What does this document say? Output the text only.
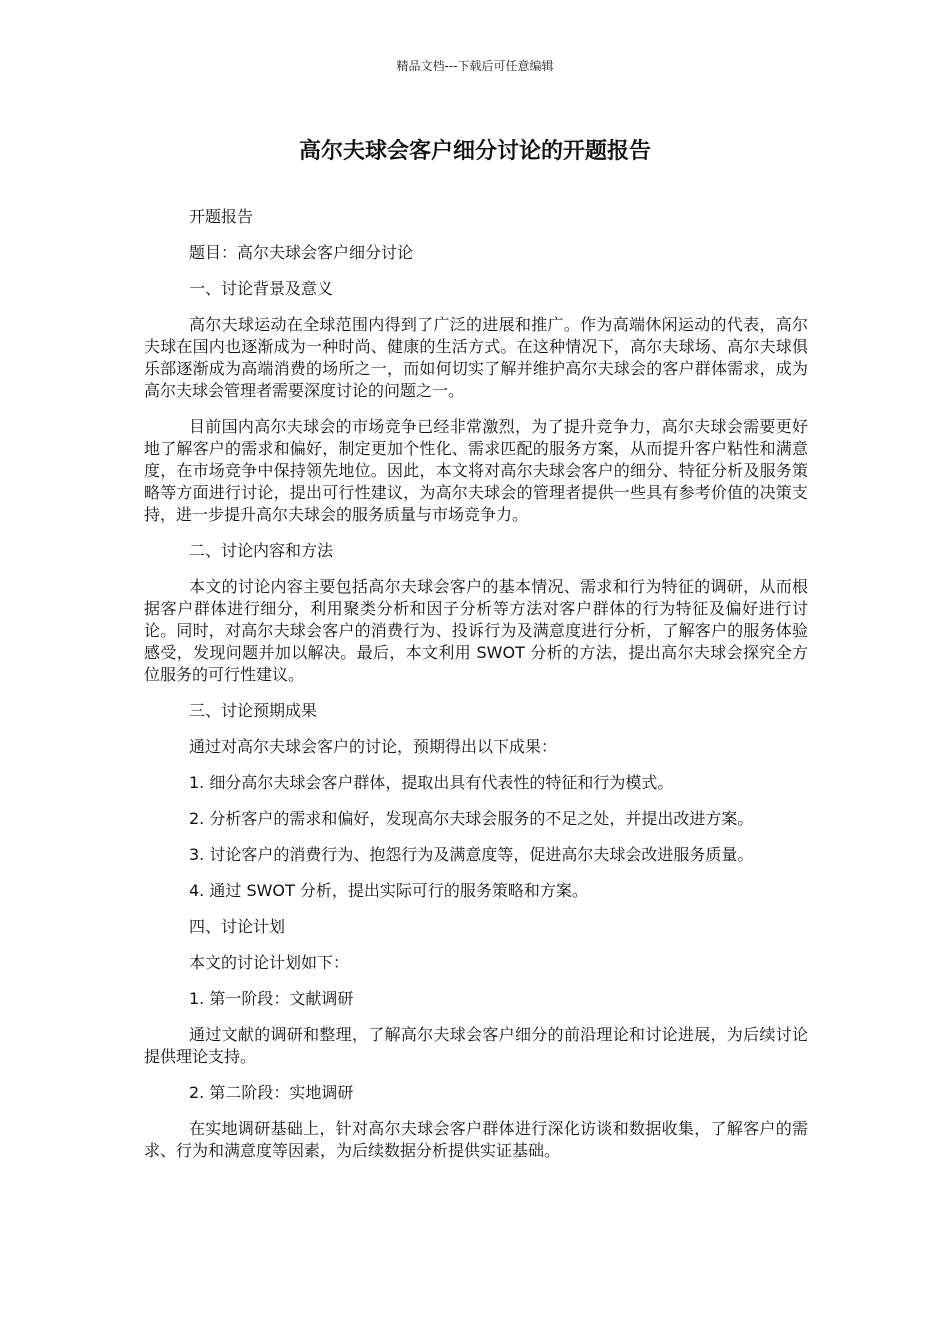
精品文档---下载后可任意编辑
高尔夫球会客户细分讨论的开题报告

开题报告

题目：高尔夫球会客户细分讨论

一、讨论背景及意义

高尔夫球运动在全球范围内得到了广泛的进展和推广。作为高端休闲运动的代表，高尔夫球在国内也逐渐成为一种时尚、健康的生活方式。在这种情况下，高尔夫球场、高尔夫球俱乐部逐渐成为高端消费的场所之一，而如何切实了解并维护高尔夫球会的客户群体需求，成为高尔夫球会管理者需要深度讨论的问题之一。

目前国内高尔夫球会的市场竞争已经非常激烈，为了提升竞争力，高尔夫球会需要更好地了解客户的需求和偏好，制定更加个性化、需求匹配的服务方案，从而提升客户粘性和满意度，在市场竞争中保持领先地位。因此，本文将对高尔夫球会客户的细分、特征分析及服务策略等方面进行讨论，提出可行性建议，为高尔夫球会的管理者提供一些具有参考价值的决策支持，进一步提升高尔夫球会的服务质量与市场竞争力。

二、讨论内容和方法

本文的讨论内容主要包括高尔夫球会客户的基本情况、需求和行为特征的调研，从而根据客户群体进行细分，利用聚类分析和因子分析等方法对客户群体的行为特征及偏好进行讨论。同时，对高尔夫球会客户的消费行为、投诉行为及满意度进行分析，了解客户的服务体验感受，发现问题并加以解决。最后，本文利用 SWOT 分析的方法，提出高尔夫球会探究全方位服务的可行性建议。

三、讨论预期成果

通过对高尔夫球会客户的讨论，预期得出以下成果：

1. 细分高尔夫球会客户群体，提取出具有代表性的特征和行为模式。

2. 分析客户的需求和偏好，发现高尔夫球会服务的不足之处，并提出改进方案。

3. 讨论客户的消费行为、抱怨行为及满意度等，促进高尔夫球会改进服务质量。

4. 通过 SWOT 分析，提出实际可行的服务策略和方案。

四、讨论计划

本文的讨论计划如下：

1. 第一阶段：文献调研

通过文献的调研和整理，了解高尔夫球会客户细分的前沿理论和讨论进展，为后续讨论提供理论支持。

2. 第二阶段：实地调研

在实地调研基础上，针对高尔夫球会客户群体进行深化访谈和数据收集，了解客户的需求、行为和满意度等因素，为后续数据分析提供实证基础。
